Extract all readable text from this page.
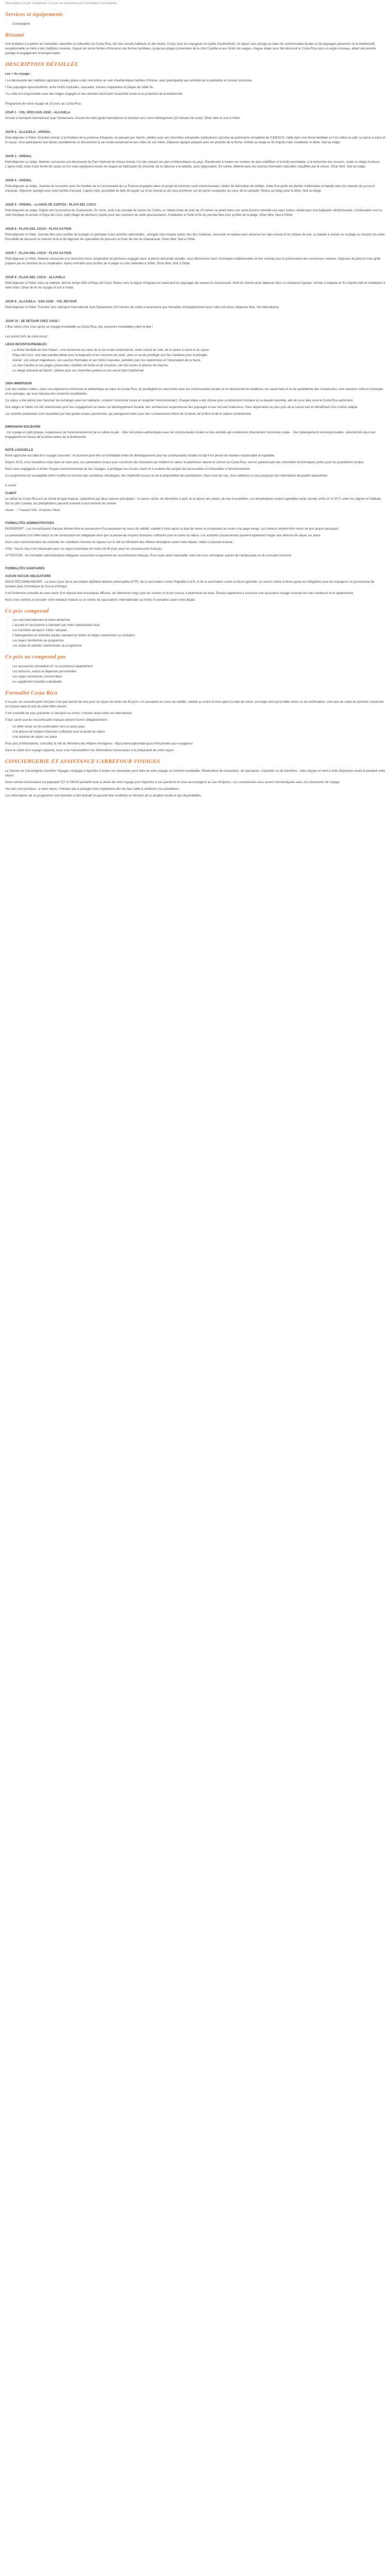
Description Ce prix comprend / Ce prix ne comprend pas Formalités Conciergerie

Services et équipements
• Conciergerie
Résumé

Une invitation à explorer les merveilles naturelles et culturelles du Costa Rica, loin des circuits habituels et des foules. Conçu pour les voyageurs en quête d'authenticité, ce séjour vous plonge au cœur de communautés locales et de paysages préservés où la biodiversité exceptionnelle se mêle à des traditions vivantes. Depuis les terres fertiles d'Arenal et ses fermes familiales, jusqu'aux plages préservées de la côte Caraïbe et aux forêts de nuages, chaque étape vous fait découvrir le Costa Rica sous un angle nouveau, alliant découverte, partage et engagement écoresponsable.

DESCRIPTION DÉTAILLÉE

Les + du voyage :

• Le découverte des traditions agricoles locales grâce à des rencontres au sein d'authentiques familles d'Arenal, avec participation aux activités de la plantation et cuisine commune.

• Des paysages époustouflants, entre forêts tropicales, cascades, volcans majestueux et plages de sable fin.

• Le côté éco-responsable avec des lodges engagés et des activités favorisant l'économie locale et la protection de la biodiversité.

Programme de votre voyage de 15 jours au Costa Rica :

JOUR 1 - VOL VERS SAN JOSE - ALAJUELA

Arrivée à l'aéroport international Juan Santamaría. Accueil de votre guide francophone et transfert vers votre hébergement (20 minutes de route). Dîner libre et nuit à l'hôtel.

JOUR 2 : ALAJUELA - ARENAL

Petit-déjeuner à l'hôtel. Direction Arenal, à la frontière de la province d'Alajuela, en passant par Sarchí, célèbre pour ses charrettes artisanales multicolores classées au patrimoine immatériel de l'UNESCO. Halte dans une ferme familiale où l'on cultive le café, la canne à sucre et le cacao. Vous participerez aux tâches quotidiennes et découvrirez la vie rurale costaricienne aux côtés de vos hôtes. Déjeuner typique préparé avec les produits de la ferme. Arrivée au lodge en fin d'après-midi, installation et dîner. Nuit au lodge.

JOUR 3 : ARENAL

Petit-déjeuner au lodge. Matinée consacrée à la découverte du Parc National du Volcan Arenal, l'un des volcans les plus emblématiques du pays. Randonnée à travers les coulées de lave solidifiées et la forêt secondaire, à la recherche des toucans, coatis et singes hurleurs. L'après-midi, visite d'une ferme de cacao où l'on vous expliquera toutes les étapes de fabrication du chocolat, de la cabosse à la tablette, avec dégustation. En soirée, détente dans les sources thermales naturelles chauffées par le volcan. Dîner libre. Nuit au lodge.

JOUR 4 : ARENAL

Petit-déjeuner au lodge. Journée de rencontre avec les familles de la communauté de La Fortuna engagées dans un projet de tourisme rural communautaire. Atelier de fabrication de tortillas, visite d'un jardin de plantes médicinales et balade dans les champs de yucca et d'ananas. Déjeuner partagé avec votre famille d'accueil. L'après-midi, possibilité de faire du kayak sur le lac Arenal ou de vous promener sur les ponts suspendus au cœur de la canopée. Retour au lodge pour le dîner. Nuit au lodge.

JOUR 5 : ARENAL - LLANOS DE CORTES - PLAYA DEL COCO

Petit-déjeuner au lodge. Départ vers la province du Guanacaste. En route, arrêt à la cascade de Llanos de Cortés, un rideau d'eau de près de 15 mètres se jetant dans une vaste piscine naturelle aux eaux claires, idéale pour une baignade rafraîchissante. Continuation vers la côte Pacifique et arrivée à Playa del Coco, petit village de pêcheurs réputé pour ses couchers de soleil spectaculaires. Installation à l'hôtel et fin de journée libre pour profiter de la plage. Dîner libre. Nuit à l'hôtel.

JOUR 6 : PLAYA DEL COCO - PLAYA ACTION

Petit-déjeuner à l'hôtel. Journée libre pour profiter de la plage ou participer à des activités optionnelles : plongée sous-marine autour des îles Catalinas, excursion en bateau pour observer les raies manta et les tortues de mer, ou balade à cheval sur la plage au coucher du soleil. Possibilité de découvrir le marché local et de déguster les spécialités de poissons et fruits de mer du Guanacaste. Dîner libre. Nuit à l'hôtel.

JOUR 7 : PLAYA DEL COCO - PLAYA ACTION

Petit-déjeuner à l'hôtel. Matinée consacrée à la rencontre d'une coopérative de pêcheurs engagés dans la pêche artisanale durable. Vous découvrirez leurs techniques traditionnelles et leur combat pour la préservation des ressources marines. Déjeuner de poisson frais grillé préparé par les femmes de la coopérative. Après-midi libre pour profiter de la plage ou vous détendre à l'hôtel. Dîner libre. Nuit à l'hôtel.

JOUR 8 : PLAYA DEL COCO - ALAJUELA

Petit-déjeuner à l'hôtel. Dans la matinée, dernier temps libre à Playa del Coco. Retour vers la région d'Alajuela en traversant les paysages de savane du Guanacaste. Arrêt en chemin pour déjeuner dans un restaurant typique. Arrivée à Alajuela en fin d'après-midi et installation à votre hôtel. Dîner de fin de voyage et nuit à l'hôtel.

JOUR 9 : ALAJUELA - SAN JOSE - VOL RETOUR

Petit-déjeuner à l'hôtel. Transfert vers l'aéroport international Juan Santamaría (20 minutes de route) et assistance aux formalités d'enregistrement pour votre vol retour. Déjeuner libre. Vol international.

JOUR 10 : DE RETOUR CHEZ VOUS !

L'Bon retour chez vous après un voyage inoubliable au Costa Rica, des souvenirs inoubliables plein la tête !

Les points forts de votre circuit :

LIEUX INCONTOURNABLES
• La ferme familiale de Don Hubert : une immersion au cœur de la vie rurale costaricienne, entre culture du café, de la canne à sucre et du cacao.
• Playa del Coco, une baie paisible idéale pour la baignade et les couchers de soleil, avec un accès privilégié aux îles Catalinas pour la plongée.
• Arenal : son volcan majestueux, ses sources thermales et ses forêts tropicales, parfaites pour les randonnées et l'observation de la faune.
• La côte Caraïbe et ses plages préservées, bordées de forêts et de cocotiers, loin des foules et pleines de charme.
• Le village artisanal de Sarchí, célèbre pour ses charrettes peintes et son savoir-faire traditionnel.
100% IMMERSION

Loin des sentiers battus, vivez une expérience immersive et authentique au cœur du Costa Rica, en privilégiant les rencontres avec les communautés locales et en découvrant les traditions, les savoir-faire et la vie quotidienne des Costaricains. Une aventure riche en échanges et en partages, qui vous laissera des souvenirs inoubliables.

Ce séjour a été pensé pour favoriser les échanges avec les habitants, soutenir l'économie locale et respecter l'environnement. Chaque étape a été choisie pour sa dimension humaine et sa beauté naturelle, afin de vous faire vivre le Costa Rica autrement.

Nos lodges et hôtels ont été sélectionnés pour leur engagement en faveur du développement durable, leur architecture respectueuse des paysages et leur accueil chaleureux. Vous séjournerez au plus près de la nature tout en bénéficiant d'un confort adapté.

Les activités proposées sont encadrées par des guides locaux passionnés, qui partageront avec vous leur connaissance intime de la faune, de la flore et de la culture costaricienne.

DIMENSION SOLIDAIRE

- Un voyage en petit groupe, respectueux de l'environnement et de la culture locale. - Des rencontres authentiques avec les communautés locales et des activités qui soutiennent directement l'économie rurale. - Des hébergements écoresponsables, sélectionnés pour leur engagement en faveur de la préservation de la biodiversité.

NOTE LOGICIELLE

Notre approche est celle d'un voyage conscient : le tourisme peut être un formidable levier de développement pour les communautés locales lorsqu'il est pensé de manière responsable et équitable.

Depuis 2015, nous travaillons main dans la main avec nos partenaires locaux pour construire des itinéraires qui mettent en valeur le patrimoine naturel et culturel du Costa Rica, tout en garantissant des retombées économiques justes pour les populations locales.

Nous nous engageons à limiter l'impact environnemental de nos voyages, à privilégier les circuits courts et à soutenir des projets de conservation et d'éducation à l'environnement.

Ce programme est susceptible d'être modifié en fonction des conditions climatiques, des impératifs locaux ou de la disponibilité des prestataires. Dans tous les cas, nous veillerons à vous proposer des alternatives de qualité équivalente.

A savoir :

CLIMAT

Le climat du Costa Rica est un climat de type tropical, caractérisé par deux saisons principales : la saison sèche, de décembre à avril, et la saison des pluies, de mai à novembre. Les températures restent agréables toute l'année, entre 22 et 30°C selon les régions et l'altitude. Sur la côte Caraïbe, les précipitations peuvent survenir à tout moment de l'année.

Heure : - 7 heures l'été - 8 heures l'hiver

FORMALITÉS ADMINISTRATIVES

PASSEPORT : Les ressortissants français doivent être en possession d'un passeport en cours de validité, valable 6 mois après la date de retour et comportant au moins une page vierge. Les mineurs doivent être munis de leur propre passeport.

La présentation d'un billet retour ou de continuation est obligatoire ainsi que la preuve de moyens financiers suffisants pour la durée du séjour. Les autorités costariciennes peuvent également exiger une adresse de séjour sur place.

Nous vous recommandons de consulter les conditions d'entrée en vigueur sur le site du Ministère des Affaires étrangères avant votre départ, celles-ci pouvant évoluer.

VISA : Aucun visa n'est nécessaire pour un séjour touristique de moins de 90 jours pour les ressortissants français.

ATTENTION : les formalités administratives indiquées concernent uniquement les ressortissants français. Pour toute autre nationalité, merci de vous renseigner auprès de l'ambassade ou du consulat concerné.

FORMALITÉS SANITAIRES
AUCUN VACCIN OBLIGATOIRE

NOUS RECOMMANDONS : La mise à jour de la vaccination diphtérie-tétanos-poliomyélite (DTP), de la vaccination contre l'hépatite A et B, et de la vaccination contre la fièvre typhoïde. Le vaccin contre la fièvre jaune est obligatoire pour les voyageurs en provenance de certains pays d'Amérique du Sud et d'Afrique.

Il est fortement conseillé de vous munir d'un répulsif anti-moustiques efficace, de vêtements longs pour les soirées et d'une trousse à pharmacie de base. Pensez également à souscrire une assurance voyage couvrant les frais médicaux et le rapatriement.

Nous vous invitons à consulter votre médecin traitant ou un centre de vaccinations internationales au moins 6 semaines avant votre départ.

Ce prix comprend
• Les vols internationaux et taxes aériennes
• L'accueil et l'assistance à l'aéroport par notre représentant local
• Les transferts aéroport / hôtel / aéroport
• L'hébergement en chambre double standard en hôtels et lodges mentionnés ou similaires
• Les repas mentionnés au programme
• Les visites et activités mentionnées au programme
Ce prix ne comprend pas
• Les assurances annulation et / ou assistance-rapatriement
• Les boissons, extras et dépenses personnelles
• Les repas mentionnés comme libres
• Le supplément chambre individuelle
Formalité Costa Rica

A ce jour, les ressortissants français n'ont pas besoin de visa pour un séjour de moins de 90 jours. Un passeport en cours de validité, valable au moins 6 mois après la date de retour, est exigé ainsi qu'un billet retour ou de continuation. Une taxe de sortie du territoire costaricien est incluse dans le prix de votre billet d'avion.

Il est conseillé de vous présenter à l'aéroport au moins 3 heures avant votre vol international.

Il faut savoir que les ressortissants français doivent fournir obligatoirement :

• Un billet retour ou de continuation vers un autre pays
• Une preuve de moyens financiers suffisants pour la durée du séjour
• Une adresse de séjour sur place

Pour plus d'informations, consultez le site du Ministère des Affaires étrangères : https://www.diplomatie.gouv.fr/fr/conseils-aux-voyageurs/

Dans le cadre d'un voyage organisé, nous vous transmettrons les informations nécessaires à la préparation de votre séjour.

CONCIERGERIE ET ASSISTANCE CARREFOUR VOYAGES

Le Service de Conciergerie Carrefour Voyages s'engage à répondre à toutes vos demandes pour faire de votre voyage un moment inoubliable. Réservation de restaurants, de spectacles, d'activités ou de transferts : notre équipe se tient à votre disposition avant et pendant votre séjour.

Notre service d'assistance est joignable 7j/7 et 24h/24 pendant toute la durée de votre voyage pour répondre à vos questions et vous accompagner en cas d'imprévu. Les coordonnées vous seront communiquées avec vos documents de voyage.

Vos avis sont précieux : à votre retour, n'hésitez pas à partager votre expérience afin de nous aider à améliorer nos prestations.

Les informations de ce programme sont données à titre indicatif et peuvent être modifiées en fonction de la situation locale et des disponibilités.
